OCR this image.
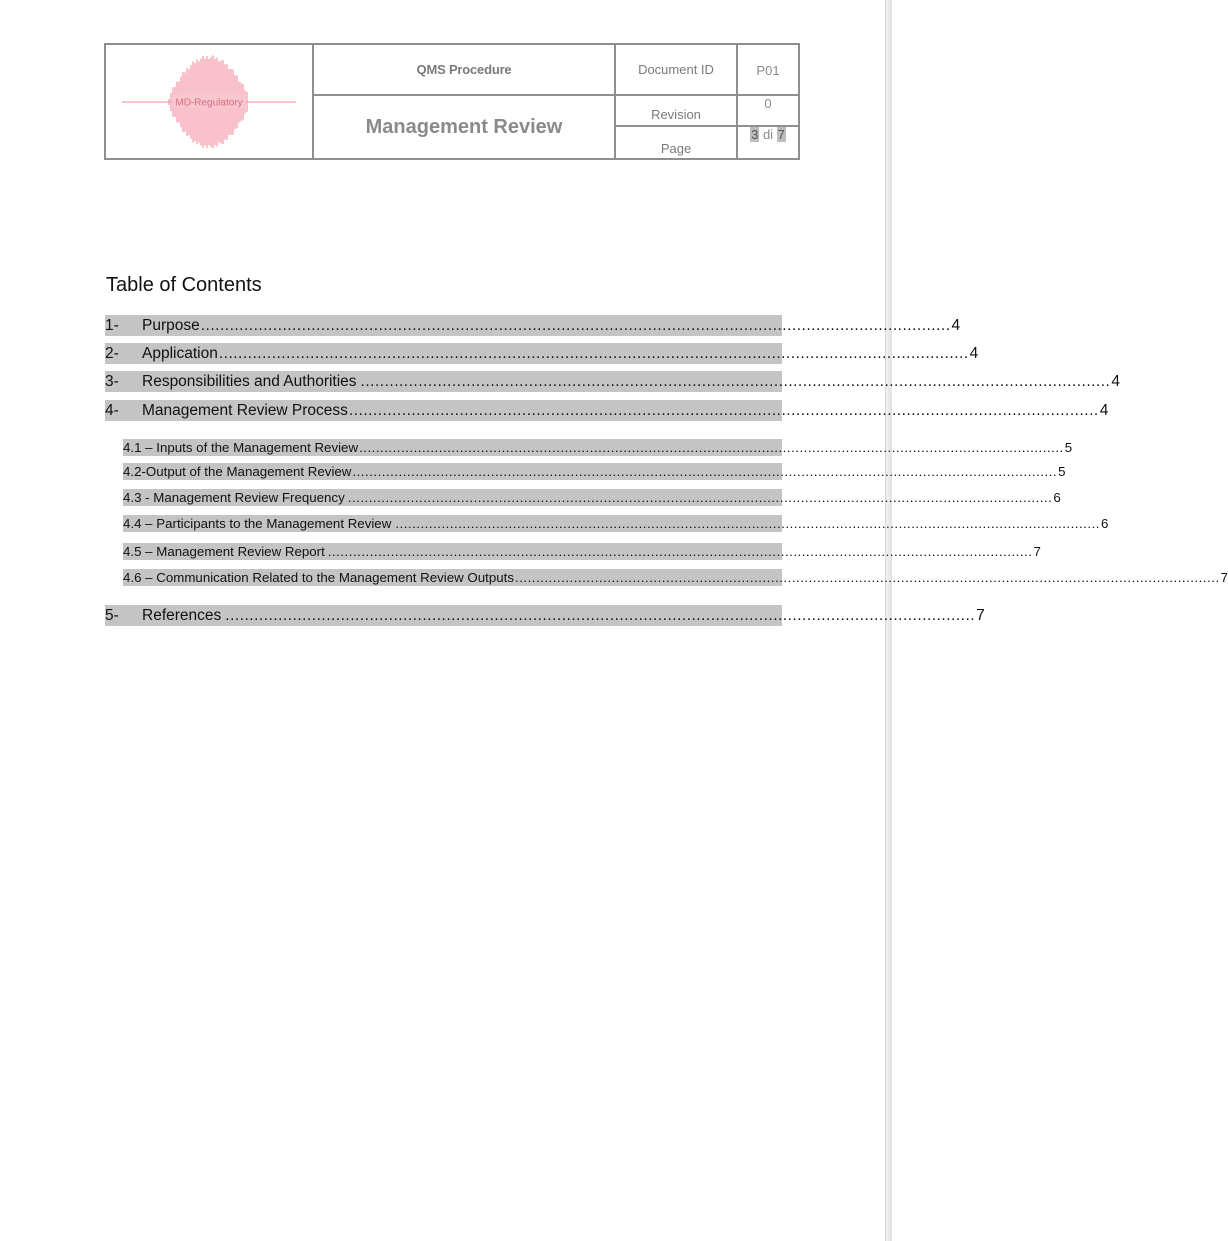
MD-Regulatory	QMS Procedure	Document ID	P01
	Management Review	Revision	0
		Page	3 di 7
Table of Contents
1-	Purpose ............................................................................................................................................................ 4
2-	Application ............................................................................................................................................................ 4
3-	Responsibilities and Authorities ............................................................................................................................................................ 4
4-	Management Review Process ............................................................................................................................................................ 4
4.1 – Inputs of the Management Review ........................................................................................................................................................................ 5
4.2-Output of the Management Review ........................................................................................................................................................................ 5
4.3 - Management Review Frequency ........................................................................................................................................................................ 6
4.4 – Participants to the Management Review ........................................................................................................................................................................ 6
4.5 – Management Review Report ........................................................................................................................................................................ 7
4.6 – Communication Related to the Management Review Outputs ........................................................................................................................................................................ 7
5-	References ............................................................................................................................................................ 7
